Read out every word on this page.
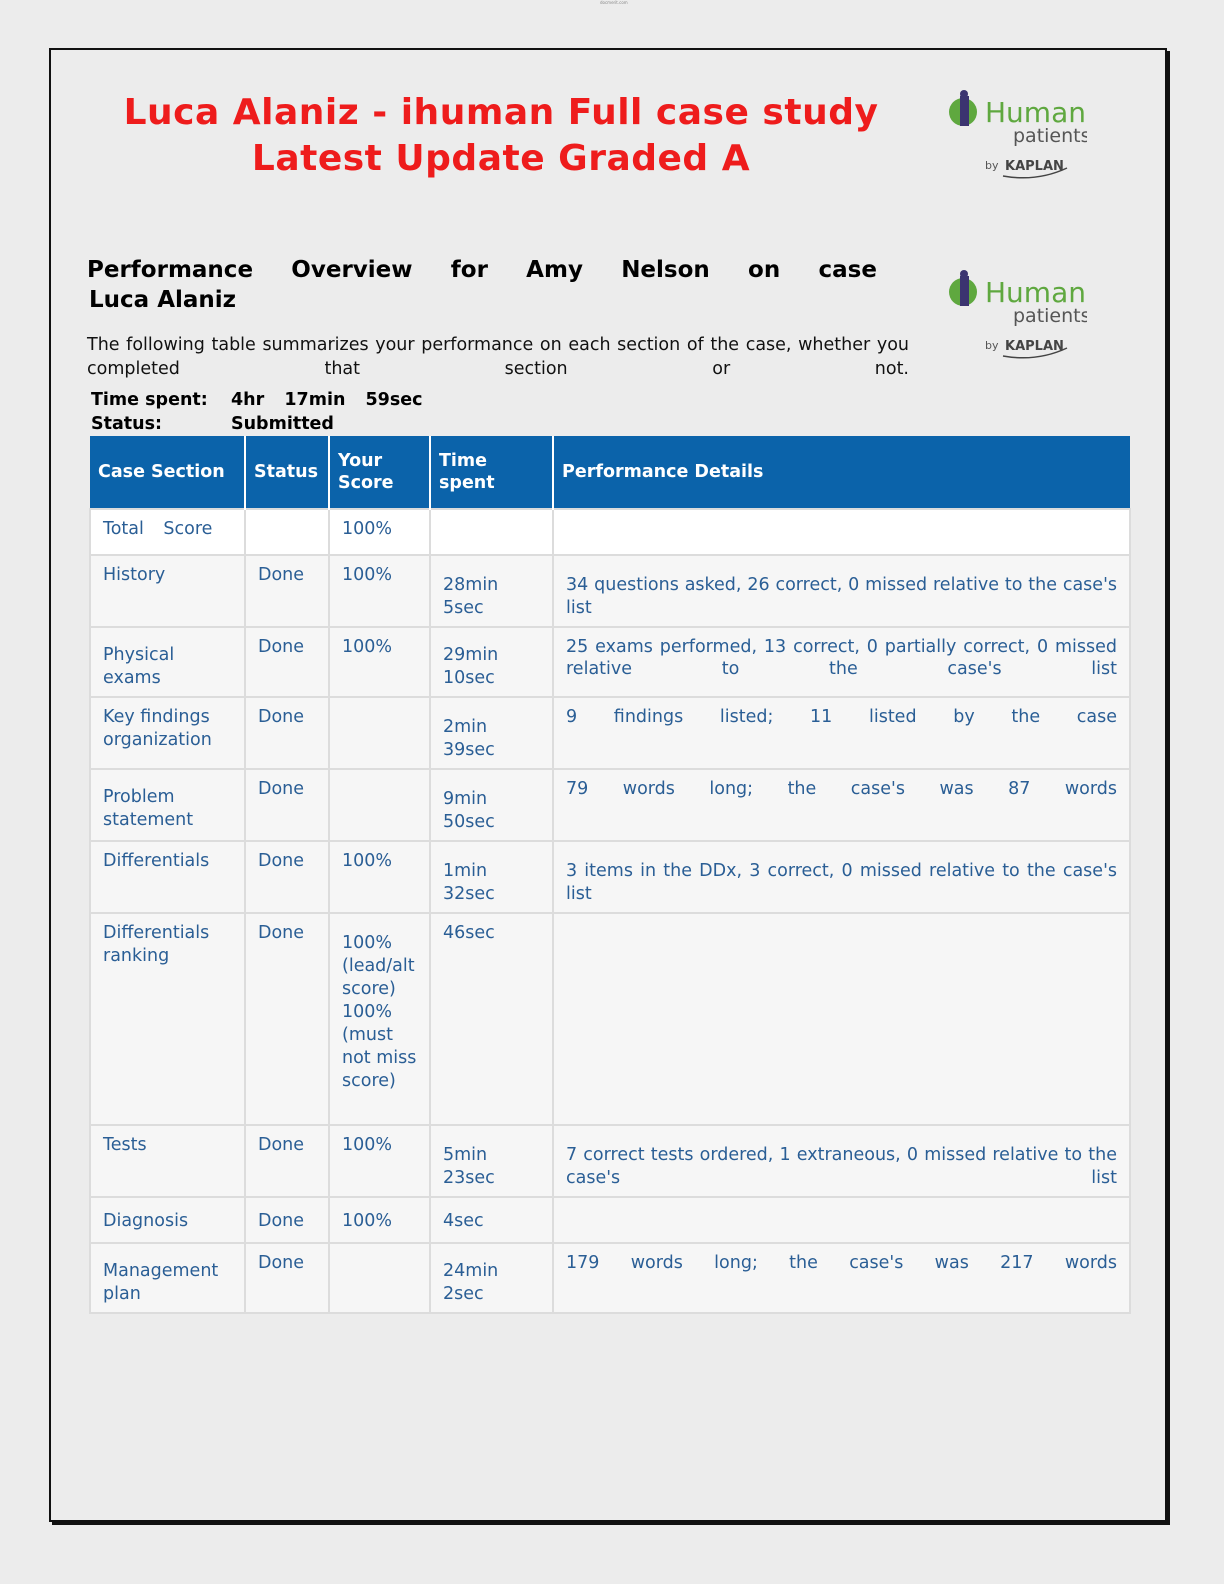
docmerit.com
Luca Alaniz - ihuman Full case study
Latest Update Graded A
Human
patients
by KAPLAN
Human
patients
by KAPLAN
Performance Overview for Amy Nelson on case
Luca Alaniz
The following table summarizes your performance on each section of the case, whether you completed that section or not.
Time spent:	4hr 17min 59sec
Status:	Submitted
Case Section	Status	Your Score	Time spent	Performance Details
Total Score		100%		
History	Done	100%	28min 5sec	34 questions asked, 26 correct, 0 missed relative to the case's list
Physical exams	Done	100%	29min 10sec	25 exams performed, 13 correct, 0 partially correct, 0 missed relative to the case's list
Key findings organization	Done		2min 39sec	9 findings listed; 11 listed by the case
Problem statement	Done		9min 50sec	79 words long; the case's was 87 words
Differentials	Done	100%	1min 32sec	3 items in the DDx, 3 correct, 0 missed relative to the case's list
Differentials ranking	Done	100% (lead/alt score) 100% (must not miss score)	46sec	
Tests	Done	100%	5min 23sec	7 correct tests ordered, 1 extraneous, 0 missed relative to the case's list
Diagnosis	Done	100%	4sec	
Management plan	Done		24min 2sec	179 words long; the case's was 217 words
